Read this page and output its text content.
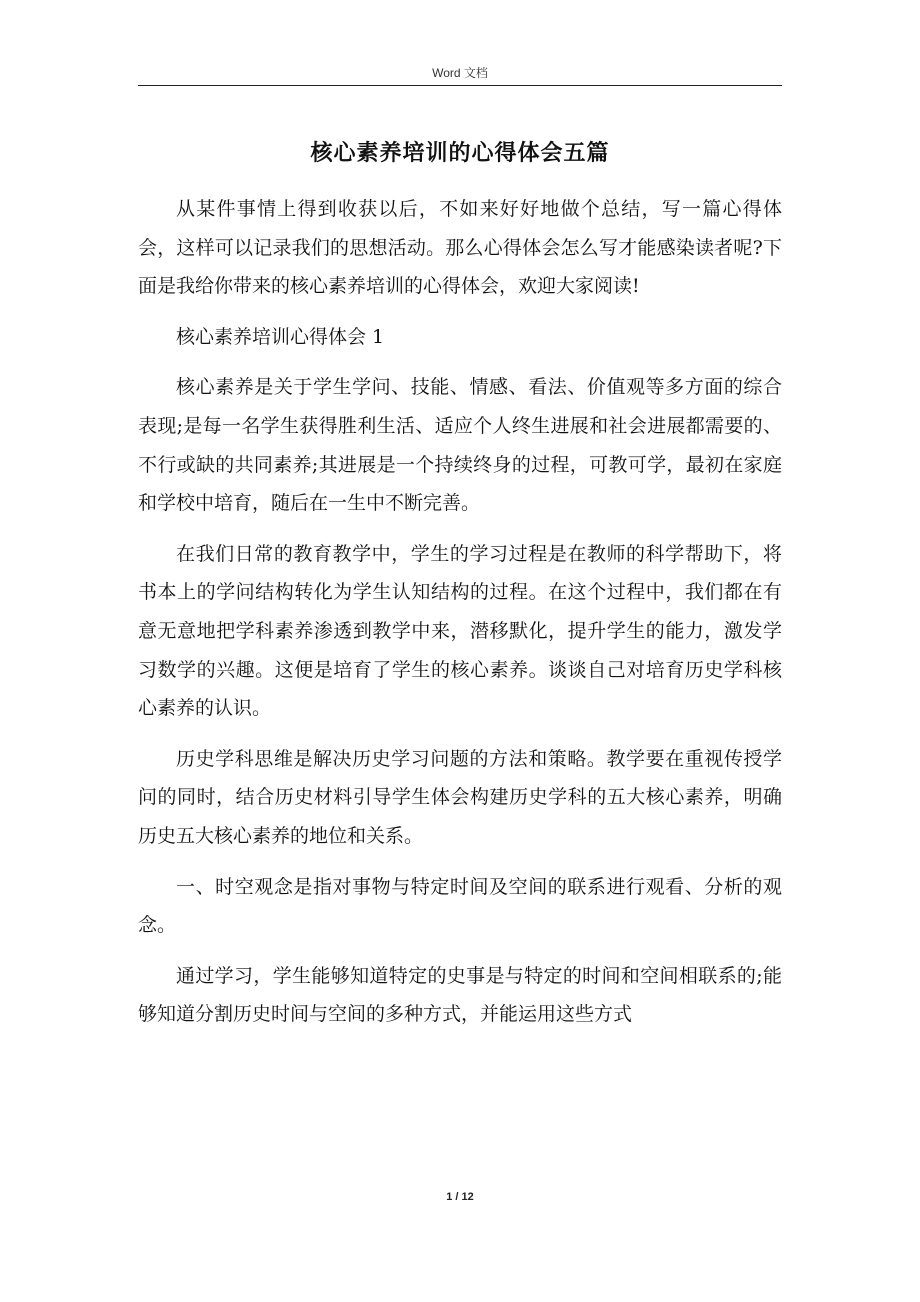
Word 文档
核心素养培训的心得体会五篇

从某件事情上得到收获以后，不如来好好地做个总结，写一篇心得体会，这样可以记录我们的思想活动。那么心得体会怎么写才能感染读者呢?下面是我给你带来的核心素养培训的心得体会，欢迎大家阅读!

核心素养培训心得体会 1

核心素养是关于学生学问、技能、情感、看法、价值观等多方面的综合表现;是每一名学生获得胜利生活、适应个人终生进展和社会进展都需要的、不行或缺的共同素养;其进展是一个持续终身的过程，可教可学，最初在家庭和学校中培育，随后在一生中不断完善。

在我们日常的教育教学中，学生的学习过程是在教师的科学帮助下，将书本上的学问结构转化为学生认知结构的过程。在这个过程中，我们都在有意无意地把学科素养渗透到教学中来，潜移默化，提升学生的能力，激发学习数学的兴趣。这便是培育了学生的核心素养。谈谈自己对培育历史学科核心素养的认识。

历史学科思维是解决历史学习问题的方法和策略。教学要在重视传授学问的同时，结合历史材料引导学生体会构建历史学科的五大核心素养，明确历史五大核心素养的地位和关系。

一、时空观念是指对事物与特定时间及空间的联系进行观看、分析的观念。

通过学习，学生能够知道特定的史事是与特定的时间和空间相联系的;能够知道分割历史时间与空间的多种方式，并能运用这些方式

1 / 12
